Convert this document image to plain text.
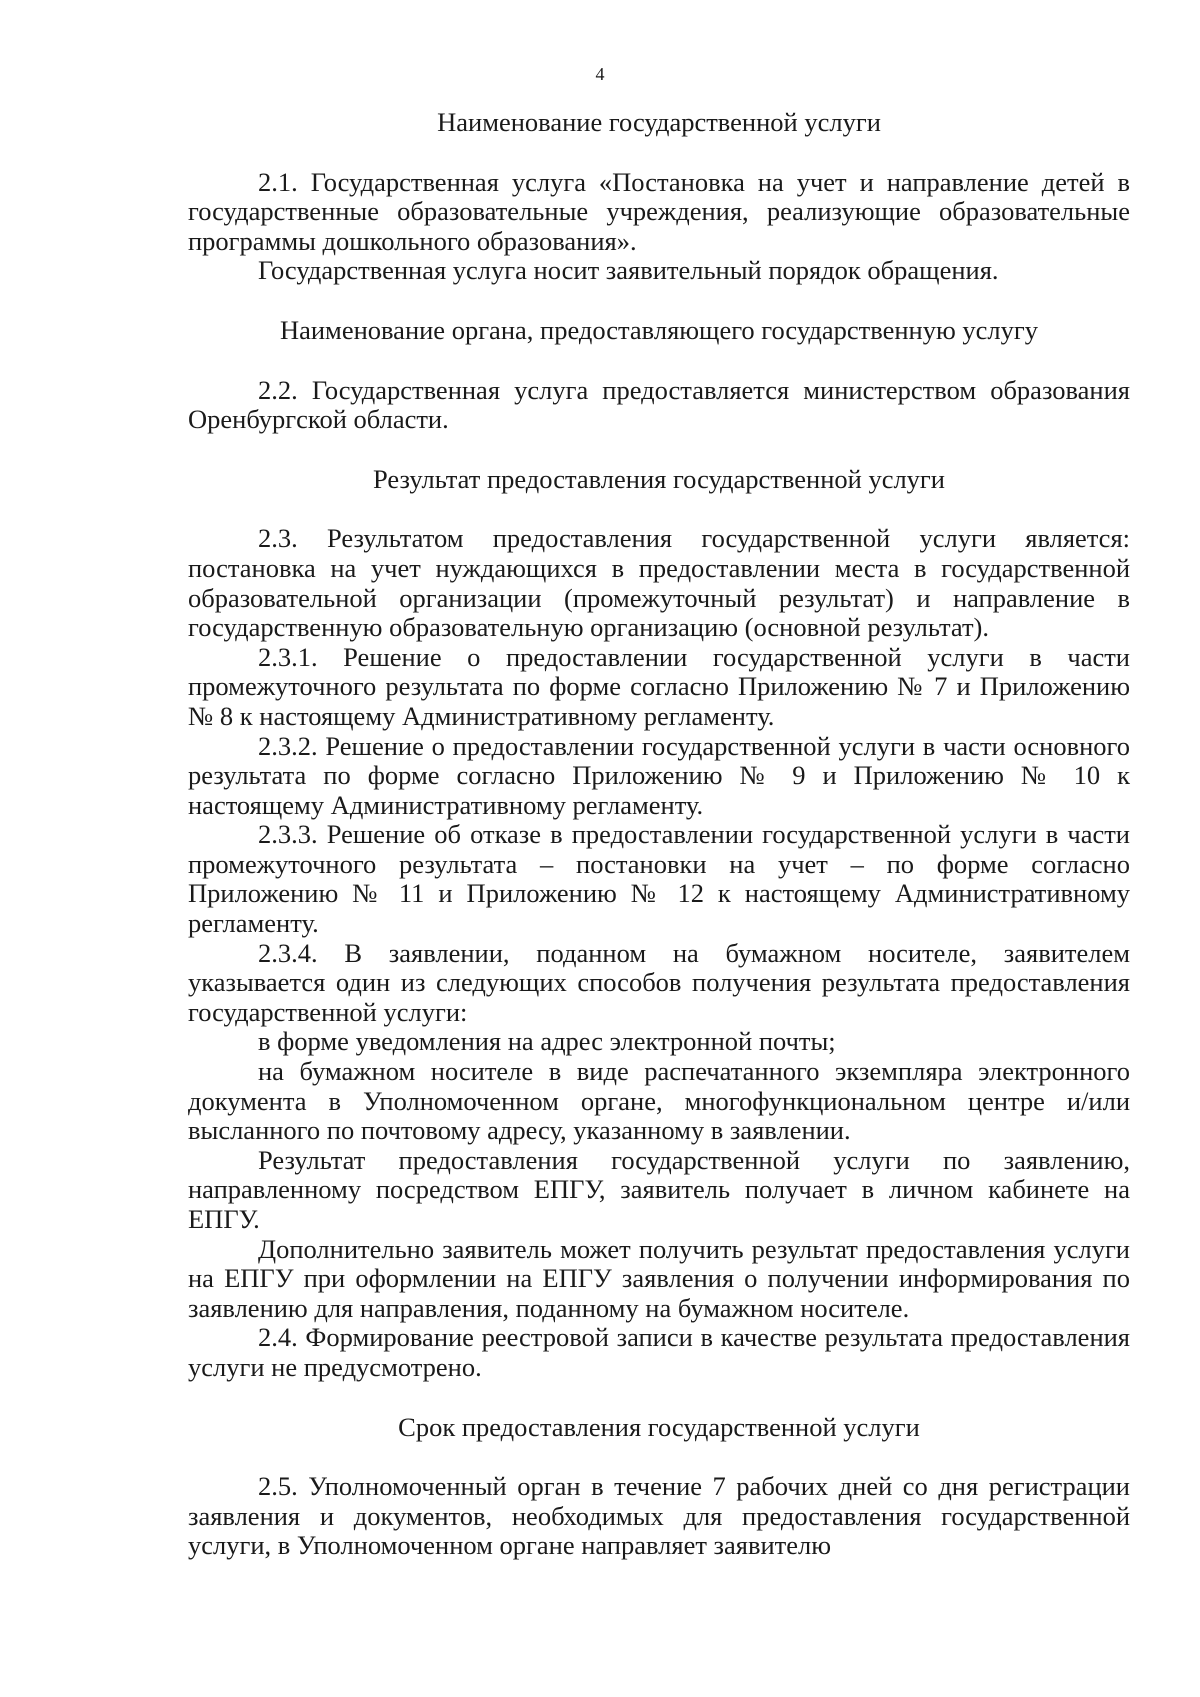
4

Наименование государственной услуги

2.1. Государственная услуга «Постановка на учет и направление детей в государственные образовательные учреждения, реализующие образовательные программы дошкольного образования».

Государственная услуга носит заявительный порядок обращения.

Наименование органа, предоставляющего государственную услугу

2.2. Государственная услуга предоставляется министерством образования Оренбургской области.

Результат предоставления государственной услуги

2.3. Результатом предоставления государственной услуги является: постановка на учет нуждающихся в предоставлении места в государственной образовательной организации (промежуточный результат) и направление в государственную образовательную организацию (основной результат).

2.3.1. Решение о предоставлении государственной услуги в части промежуточного результата по форме согласно Приложению № 7 и Приложению № 8 к настоящему Административному регламенту.

2.3.2. Решение о предоставлении государственной услуги в части основного результата по форме согласно Приложению № 9 и Приложению № 10 к настоящему Административному регламенту.

2.3.3. Решение об отказе в предоставлении государственной услуги в части промежуточного результата – постановки на учет – по форме согласно Приложению № 11 и Приложению № 12 к настоящему Административному регламенту.

2.3.4. В заявлении, поданном на бумажном носителе, заявителем указывается один из следующих способов получения результата предоставления государственной услуги:

в форме уведомления на адрес электронной почты;

на бумажном носителе в виде распечатанного экземпляра электронного документа в Уполномоченном органе, многофункциональном центре и/или высланного по почтовому адресу, указанному в заявлении.

Результат предоставления государственной услуги по заявлению, направленному посредством ЕПГУ, заявитель получает в личном кабинете на ЕПГУ.

Дополнительно заявитель может получить результат предоставления услуги на ЕПГУ при оформлении на ЕПГУ заявления о получении информирования по заявлению для направления, поданному на бумажном носителе.

2.4. Формирование реестровой записи в качестве результата предоставления услуги не предусмотрено.

Срок предоставления государственной услуги

2.5. Уполномоченный орган в течение 7 рабочих дней со дня регистрации заявления и документов, необходимых для предоставления государственной услуги, в Уполномоченном органе направляет заявителю
